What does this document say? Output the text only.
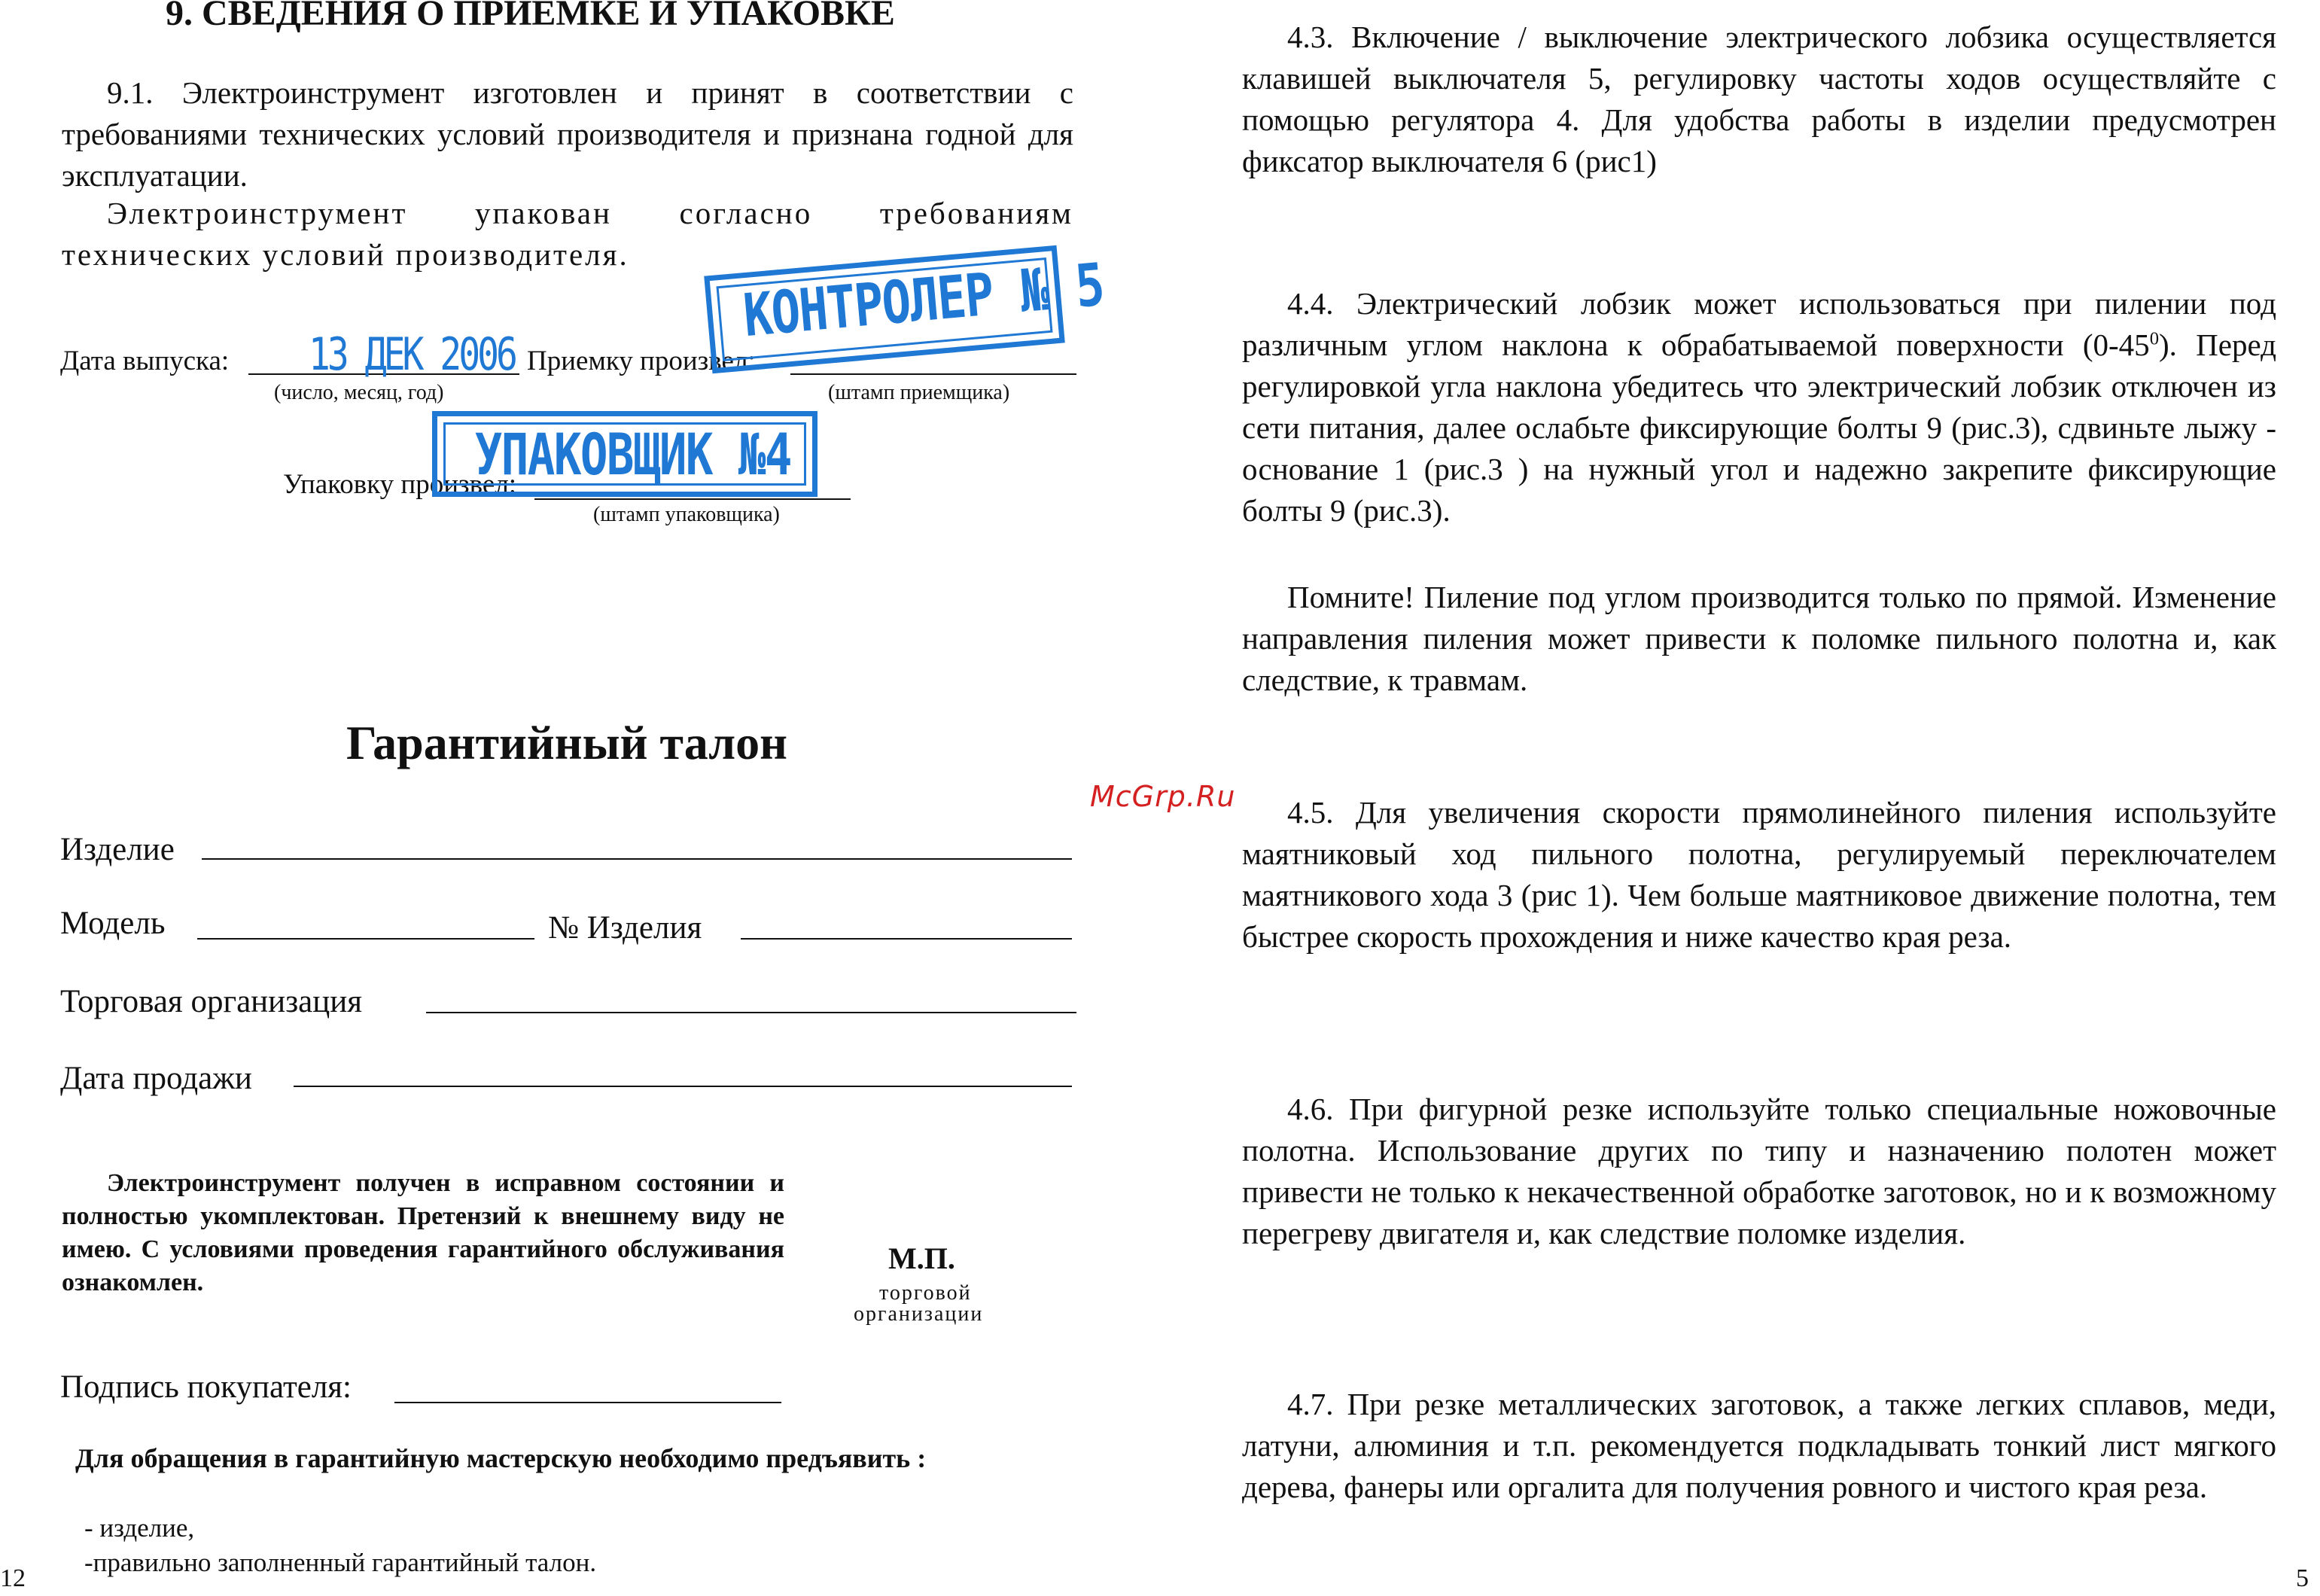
9. СВЕДЕНИЯ О ПРИЕМКЕ И УПАКОВКЕ

9.1. Электроинструмент изготовлен и принят в соответствии с требованиями технических условий производителя и признана годной для эксплуатации.

Электроинструмент упакован согласно требованиям технических условий производителя.

Дата выпуска: 13 ДЕК 2006
(число, месяц, год)
Приемку произвел:
(штамп приемщика)
КОНТРОЛЕР № 5
Упаковку произвел:
(штамп упаковщика)
УПАКОВЩИК №4
Гарантийный талон
Изделие
Модель	№ Изделия
Торговая организация
Дата продажи

Электроинструмент получен в исправном состоянии и полностью укомплектован. Претензий к внешнему виду не имею. С условиями проведения гарантийного обслуживания ознакомлен.

М.П.
торговой
организации
Подпись покупателя:
Для обращения в гарантийную мастерскую необходимо предъявить :
- изделие,
-правильно заполненный гарантийный талон.
12
McGrp.Ru

4.3. Включение / выключение электрического лобзика осуществляется клавишей выключателя 5, регулировку частоты ходов осуществляйте с помощью регулятора 4. Для удобства работы в изделии предусмотрен фиксатор выключателя 6 (рис1)

4.4. Электрический лобзик может использоваться при пилении под различным углом наклона к обрабатываемой поверхности $(0-45^0)$. Перед регулировкой угла наклона убедитесь что электрический лобзик отключен из сети питания, далее ослабьте фиксирующие болты 9 (рис.3), сдвиньте лыжу - основание 1 (рис.3 ) на нужный угол и надежно закрепите фиксирующие болты 9 (рис.3).

Помните! Пиление под углом производится только по прямой. Изменение направления пиления может привести к поломке пильного полотна и, как следствие, к травмам.

4.5. Для увеличения скорости прямолинейного пиления используйте маятниковый ход пильного полотна, регулируемый переключателем маятникового хода 3 (рис 1). Чем больше маятниковое движение полотна, тем быстрее скорость прохождения и ниже качество края реза.

4.6. При фигурной резке используйте только специальные ножовочные полотна. Использование других по типу и назначению полотен может привести не только к некачественной обработке заготовок, но и к возможному перегреву двигателя и, как следствие поломке изделия.

4.7. При резке металлических заготовок, а также легких сплавов, меди, латуни, алюминия и т.п. рекомендуется подкладывать тонкий лист мягкого дерева, фанеры или оргалита для получения ровного и чистого края реза.

5
